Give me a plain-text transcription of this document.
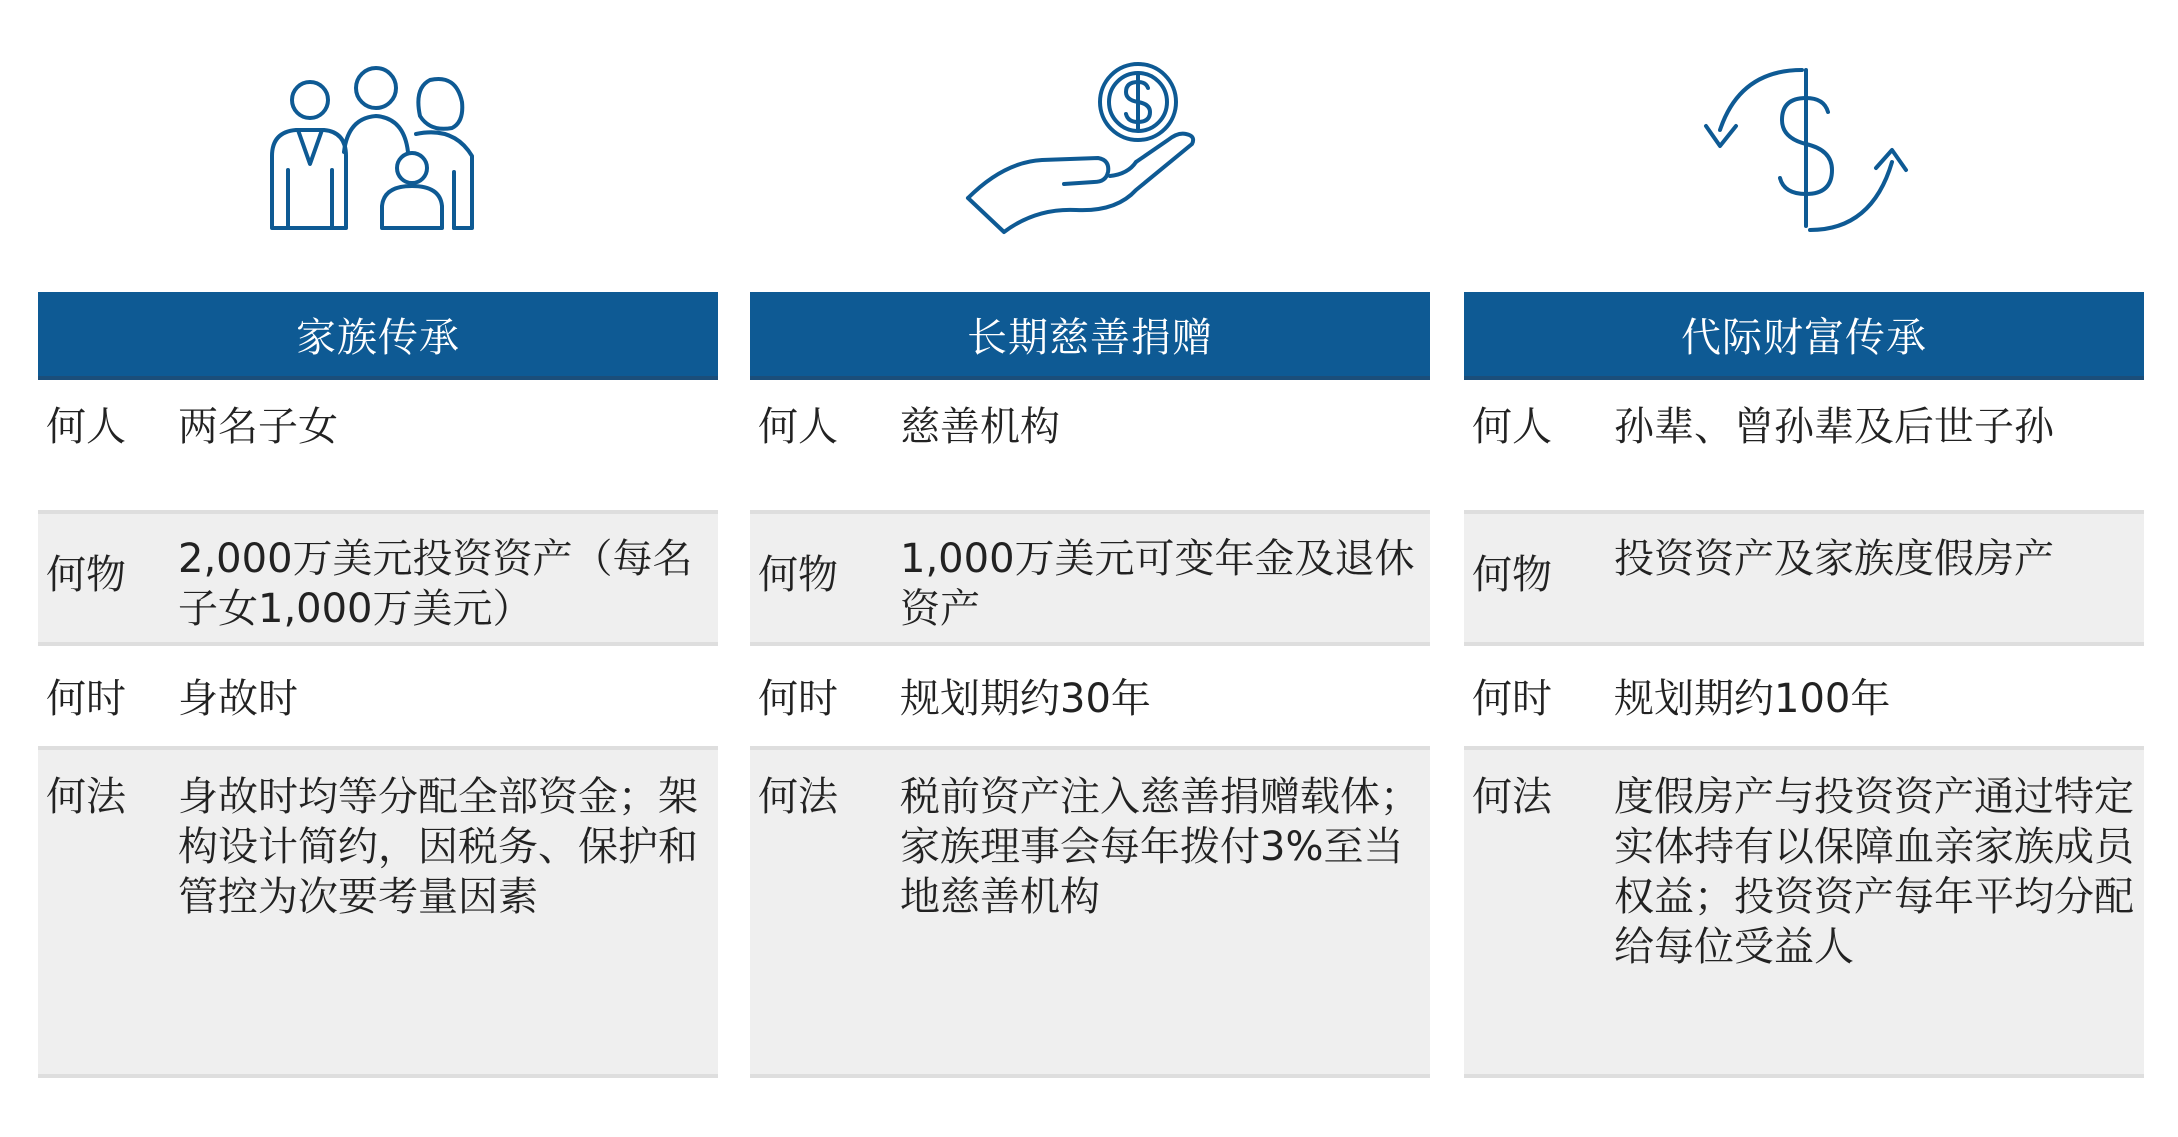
家族传承
何人 两名子女
何物 2,000万美元投资资产（每名子女1,000万美元）
何时 身故时
何法 身故时均等分配全部资金；架构设计简约，因税务、保护和管控为次要考量因素
长期慈善捐赠
何人 慈善机构
何物 1,000万美元可变年金及退休资产
何时 规划期约30年
何法 税前资产注入慈善捐赠载体；家族理事会每年拨付3%至当地慈善机构
代际财富传承
何人 孙辈、曾孙辈及后世子孙
何物 投资资产及家族度假房产
何时 规划期约100年
何法 度假房产与投资资产通过特定实体持有以保障血亲家族成员权益；投资资产每年平均分配给每位受益人
